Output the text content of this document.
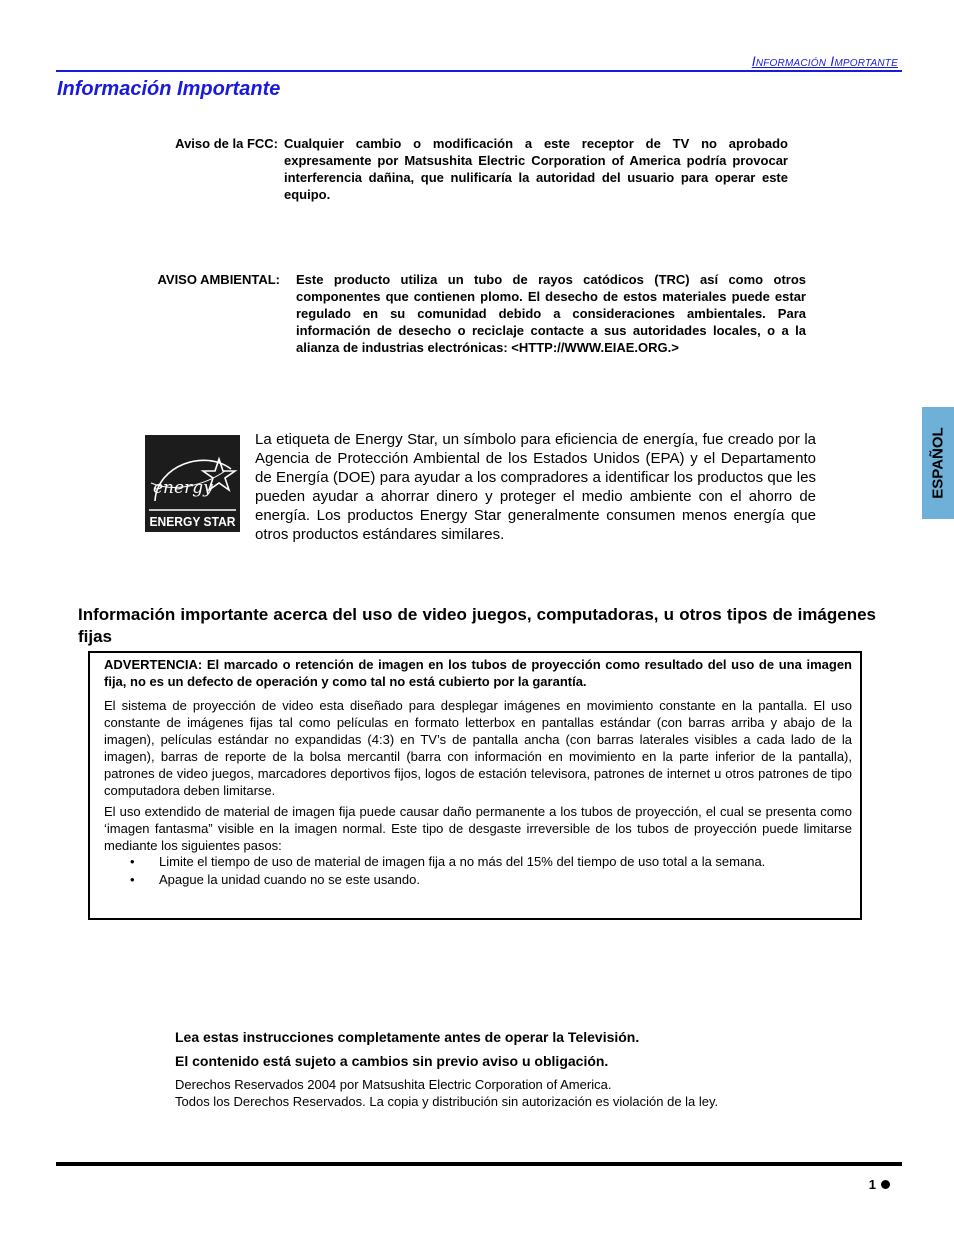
Información Importante
Información Importante
Aviso de la FCC: Cualquier cambio o modificación a este receptor de TV no aprobado expresamente por Matsushita Electric Corporation of America podría provocar interferencia dañina, que nulificaría la autoridad del usuario para operar este equipo.
AVISO AMBIENTAL: Este producto utiliza un tubo de rayos catódicos (TRC) así como otros componentes que contienen plomo. El desecho de estos materiales puede estar regulado en su comunidad debido a consideraciones ambientales. Para información de desecho o reciclaje contacte a sus autoridades locales, o a la alianza de industrias electrónicas: <HTTP://WWW.EIAE.ORG.>
energy
ENERGY STAR
La etiqueta de Energy Star, un símbolo para eficiencia de energía, fue creado por la Agencia de Protección Ambiental de los Estados Unidos (EPA) y el Departamento de Energía (DOE) para ayudar a los compradores a identificar los productos que les pueden ayudar a ahorrar dinero y proteger el medio ambiente con el ahorro de energía. Los productos Energy Star generalmente consumen menos energía que otros productos estándares similares.
Información importante acerca del uso de video juegos, computadoras, u otros tipos de imágenes fijas
ADVERTENCIA: El marcado o retención de imagen en los tubos de proyección como resultado del uso de una imagen fija, no es un defecto de operación y como tal no está cubierto por la garantía.
El sistema de proyección de video esta diseñado para desplegar imágenes en movimiento constante en la pantalla. El uso constante de imágenes fijas tal como películas en formato letterbox en pantallas estándar (con barras arriba y abajo de la imagen), películas estándar no expandidas (4:3) en TV’s de pantalla ancha (con barras laterales visibles a cada lado de la imagen), barras de reporte de la bolsa mercantil (barra con información en movimiento en la parte inferior de la pantalla), patrones de video juegos, marcadores deportivos fijos, logos de estación televisora, patrones de internet u otros patrones de tipo computadora deben limitarse.
El uso extendido de material de imagen fija puede causar daño permanente a los tubos de proyección, el cual se presenta como ‘imagen fantasma” visible en la imagen normal. Este tipo de desgaste irreversible de los tubos de proyección puede limitarse mediante los siguientes pasos:
• Limite el tiempo de uso de material de imagen fija a no más del 15% del tiempo de uso total a la semana.
• Apague la unidad cuando no se este usando.
Lea estas instrucciones completamente antes de operar la Televisión.
El contenido está sujeto a cambios sin previo aviso u obligación.
Derechos Reservados 2004 por Matsushita Electric Corporation of America.
Todos los Derechos Reservados. La copia y distribución sin autorización es violación de la ley.
1
ESPAÑOL
